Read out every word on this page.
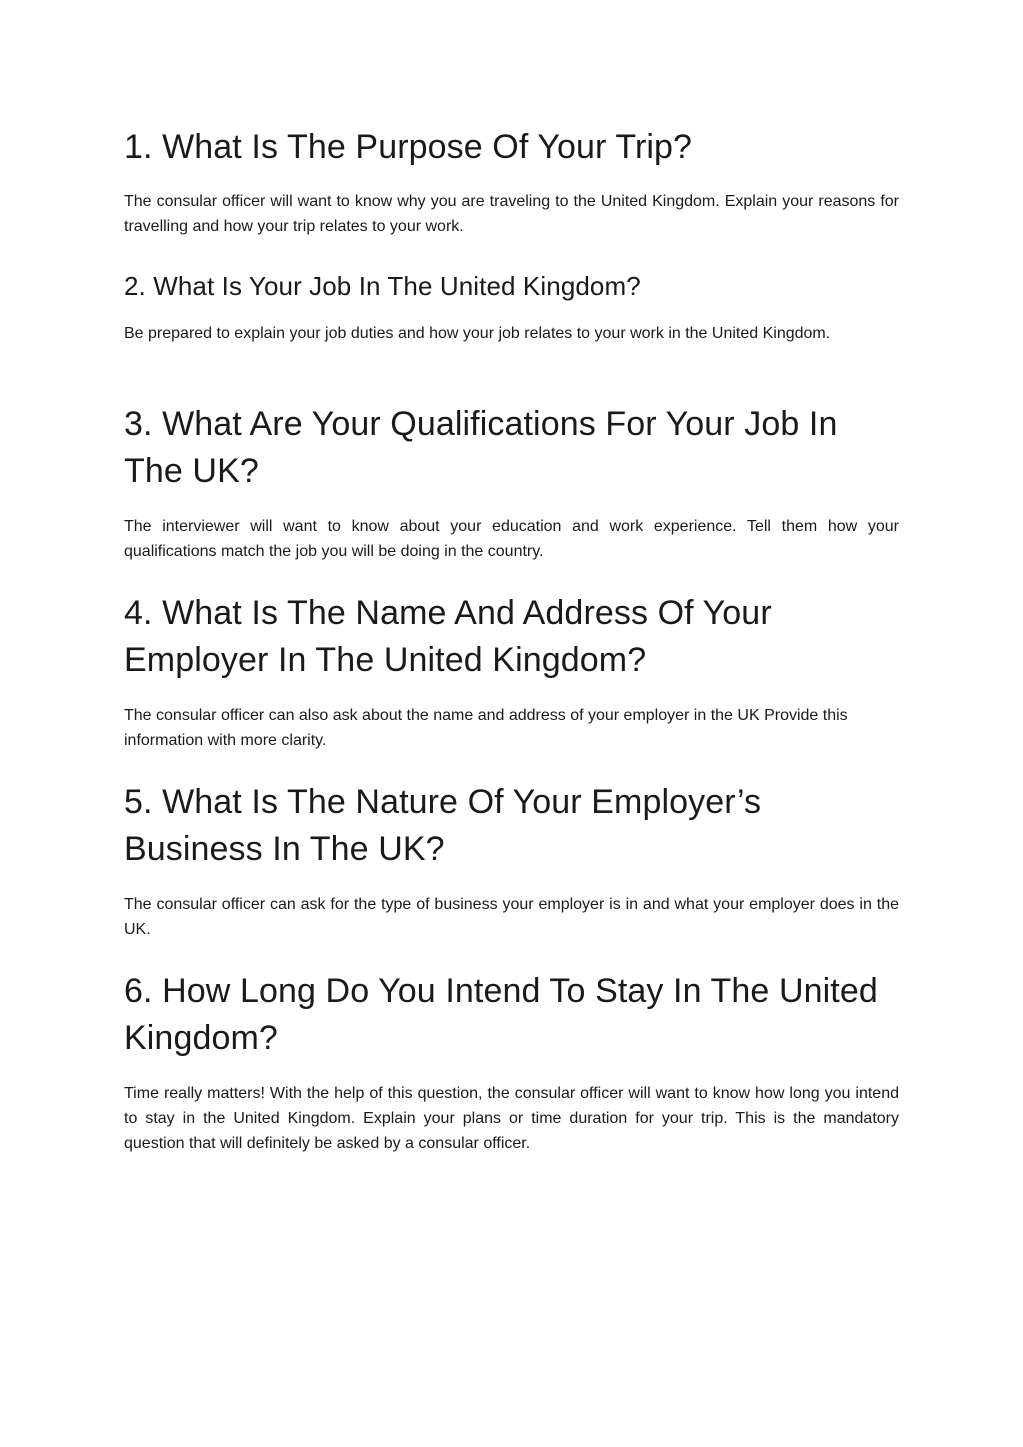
1. What Is The Purpose Of Your Trip?

The consular officer will want to know why you are traveling to the United Kingdom. Explain your reasons for travelling and how your trip relates to your work.

2. What Is Your Job In The United Kingdom?

Be prepared to explain your job duties and how your job relates to your work in the United Kingdom.

3. What Are Your Qualifications For Your Job In The UK?

The interviewer will want to know about your education and work experience. Tell them how your qualifications match the job you will be doing in the country.

4. What Is The Name And Address Of Your Employer In The United Kingdom?

The consular officer can also ask about the name and address of your employer in the UK Provide this information with more clarity.

5. What Is The Nature Of Your Employer’s Business In The UK?

The consular officer can ask for the type of business your employer is in and what your employer does in the UK.

6. How Long Do You Intend To Stay In The United Kingdom?

Time really matters! With the help of this question, the consular officer will want to know how long you intend to stay in the United Kingdom. Explain your plans or time duration for your trip. This is the mandatory question that will definitely be asked by a consular officer.
